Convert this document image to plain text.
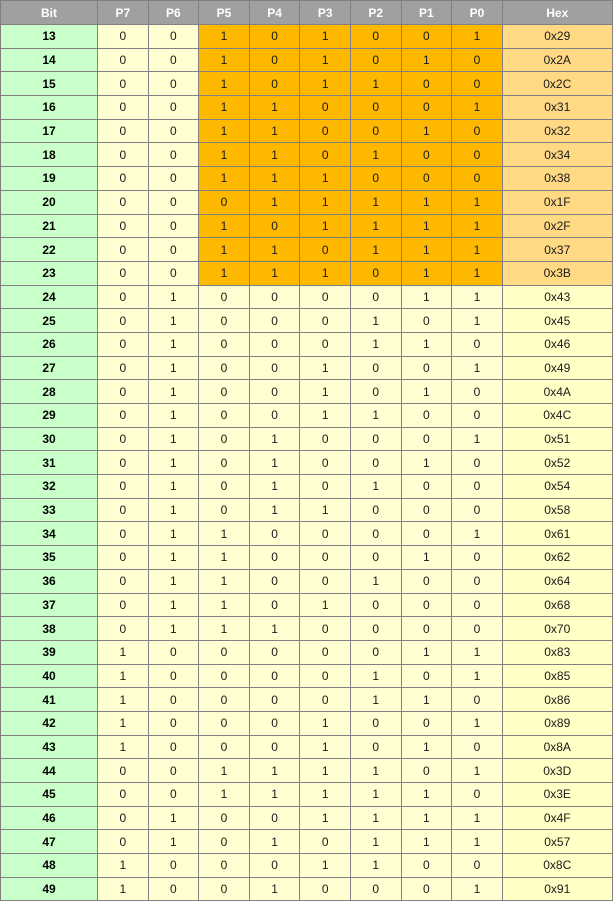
Bit	P7	P6	P5	P4	P3	P2	P1	P0	Hex
13	0	0	1	0	1	0	0	1	0x29
14	0	0	1	0	1	0	1	0	0x2A
15	0	0	1	0	1	1	0	0	0x2C
16	0	0	1	1	0	0	0	1	0x31
17	0	0	1	1	0	0	1	0	0x32
18	0	0	1	1	0	1	0	0	0x34
19	0	0	1	1	1	0	0	0	0x38
20	0	0	0	1	1	1	1	1	0x1F
21	0	0	1	0	1	1	1	1	0x2F
22	0	0	1	1	0	1	1	1	0x37
23	0	0	1	1	1	0	1	1	0x3B
24	0	1	0	0	0	0	1	1	0x43
25	0	1	0	0	0	1	0	1	0x45
26	0	1	0	0	0	1	1	0	0x46
27	0	1	0	0	1	0	0	1	0x49
28	0	1	0	0	1	0	1	0	0x4A
29	0	1	0	0	1	1	0	0	0x4C
30	0	1	0	1	0	0	0	1	0x51
31	0	1	0	1	0	0	1	0	0x52
32	0	1	0	1	0	1	0	0	0x54
33	0	1	0	1	1	0	0	0	0x58
34	0	1	1	0	0	0	0	1	0x61
35	0	1	1	0	0	0	1	0	0x62
36	0	1	1	0	0	1	0	0	0x64
37	0	1	1	0	1	0	0	0	0x68
38	0	1	1	1	0	0	0	0	0x70
39	1	0	0	0	0	0	1	1	0x83
40	1	0	0	0	0	1	0	1	0x85
41	1	0	0	0	0	1	1	0	0x86
42	1	0	0	0	1	0	0	1	0x89
43	1	0	0	0	1	0	1	0	0x8A
44	0	0	1	1	1	1	0	1	0x3D
45	0	0	1	1	1	1	1	0	0x3E
46	0	1	0	0	1	1	1	1	0x4F
47	0	1	0	1	0	1	1	1	0x57
48	1	0	0	0	1	1	0	0	0x8C
49	1	0	0	1	0	0	0	1	0x91
